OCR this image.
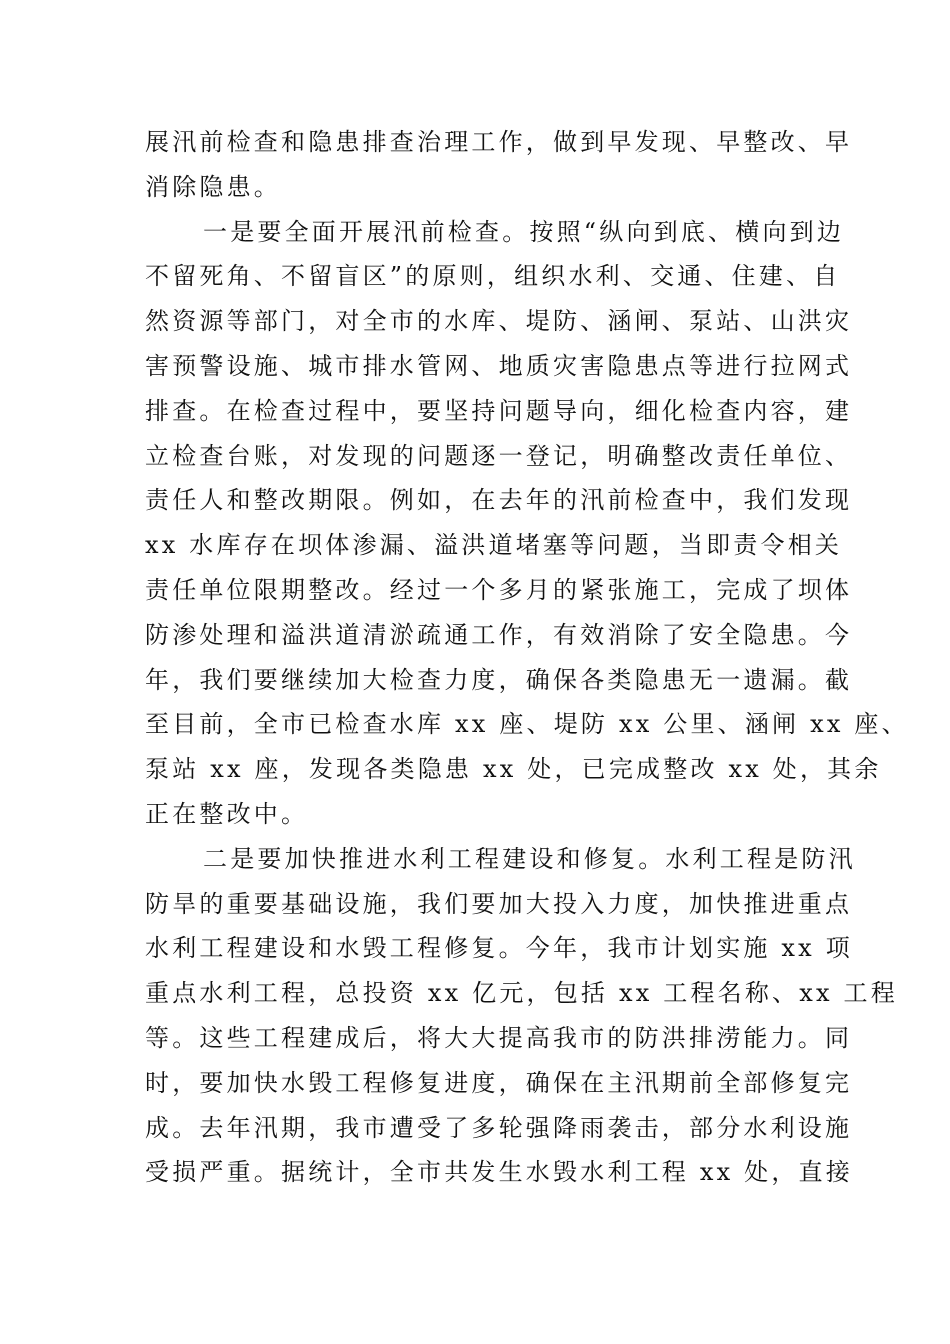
展汛前检查和隐患排查治理工作，做到早发现、早整改、早
消除隐患。
一是要全面开展汛前检查。按照“纵向到底、横向到边
不留死角、不留盲区”的原则，组织水利、交通、住建、自
然资源等部门，对全市的水库、堤防、涵闸、泵站、山洪灾
害预警设施、城市排水管网、地质灾害隐患点等进行拉网式
排查。在检查过程中，要坚持问题导向，细化检查内容，建
立检查台账，对发现的问题逐一登记，明确整改责任单位、
责任人和整改期限。例如，在去年的汛前检查中，我们发现
xx 水库存在坝体渗漏、溢洪道堵塞等问题，当即责令相关
责任单位限期整改。经过一个多月的紧张施工，完成了坝体
防渗处理和溢洪道清淤疏通工作，有效消除了安全隐患。今
年，我们要继续加大检查力度，确保各类隐患无一遗漏。截
至目前，全市已检查水库 xx 座、堤防 xx 公里、涵闸 xx 座、
泵站 xx 座，发现各类隐患 xx 处，已完成整改 xx 处，其余
正在整改中。
二是要加快推进水利工程建设和修复。水利工程是防汛
防旱的重要基础设施，我们要加大投入力度，加快推进重点
水利工程建设和水毁工程修复。今年，我市计划实施 xx 项
重点水利工程，总投资 xx 亿元，包括 xx 工程名称、xx 工程
等。这些工程建成后，将大大提高我市的防洪排涝能力。同
时，要加快水毁工程修复进度，确保在主汛期前全部修复完
成。去年汛期，我市遭受了多轮强降雨袭击，部分水利设施
受损严重。据统计，全市共发生水毁水利工程 xx 处，直接
